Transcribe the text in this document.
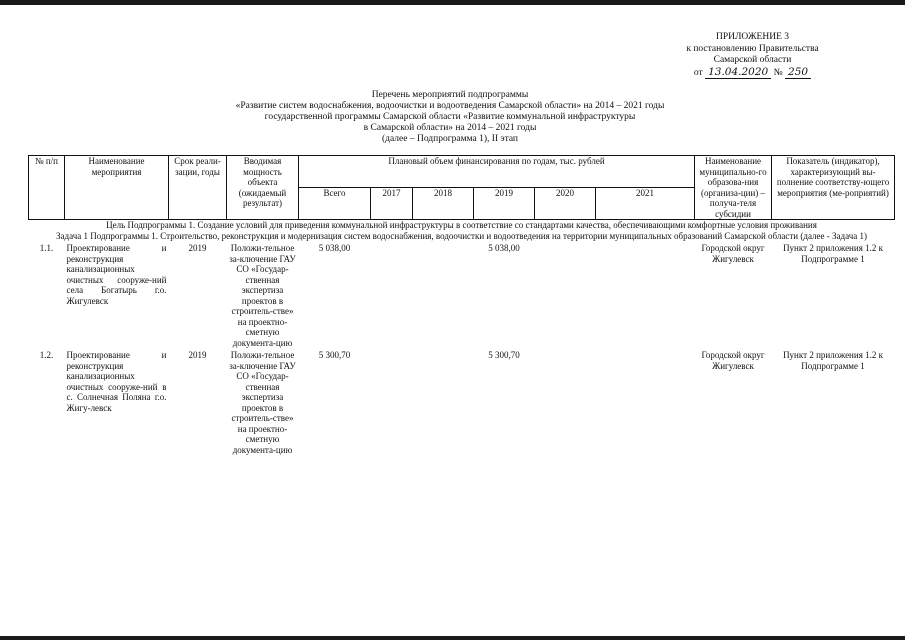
ПРИЛОЖЕНИЕ 3
к постановлению Правительства
Самарской области
от 13.04.2020 № 250
Перечень мероприятий подпрограммы
«Развитие систем водоснабжения, водоочистки и водоотведения Самарской области» на 2014 – 2021 годы
государственной программы Самарской области «Развитие коммунальной инфраструктуры
в Самарской области» на 2014 – 2021 годы
(далее – Подпрограмма 1), II этап
№ п/п	Наименование мероприятия	Срок реали-зации, годы	Вводимая мощность объекта (ожидаемый результат)	Плановый объем финансирования по годам, тыс. рублей						Наименование муниципально-го образова-ния (организа-ции) – получа-теля субсидии	Показатель (индикатор), характеризующий вы-полнение соответству-ющего мероприятия (ме-роприятий)
				Всего	2017	2018	2019	2020	2021		
Цель Подпрограммы 1. Создание условий для приведения коммунальной инфраструктуры в соответствие со стандартами качества, обеспечивающими комфортные условия проживания											
Задача 1 Подпрограммы 1. Строительство, реконструкция и модернизация систем водоснабжения, водоочистки и водоотведения на территории муниципальных образований Самарской области (далее - Задача 1)											
1.1.	Проектирование и реконструкция канализационных очистных сооруже-ний села Богатырь г.о. Жигулевск	2019	Положи-тельное за-ключение ГАУ СО «Государ-ственная экспертиза проектов в строитель-стве» на проектно-сметную документа-цию	5 038,00			5 038,00			Городской округ Жигулевск	Пункт 2 приложения 1.2 к Подпрограмме 1
1.2.	Проектирование и реконструкция канализационных очистных сооруже-ний в с. Солнечная Поляна г.о. Жигу-левск	2019	Положи-тельное за-ключение ГАУ СО «Государ-ственная экспертиза проектов в строитель-стве» на проектно-сметную документа-цию	5 300,70			5 300,70			Городской округ Жигулевск	Пункт 2 приложения 1.2 к Подпрограмме 1
